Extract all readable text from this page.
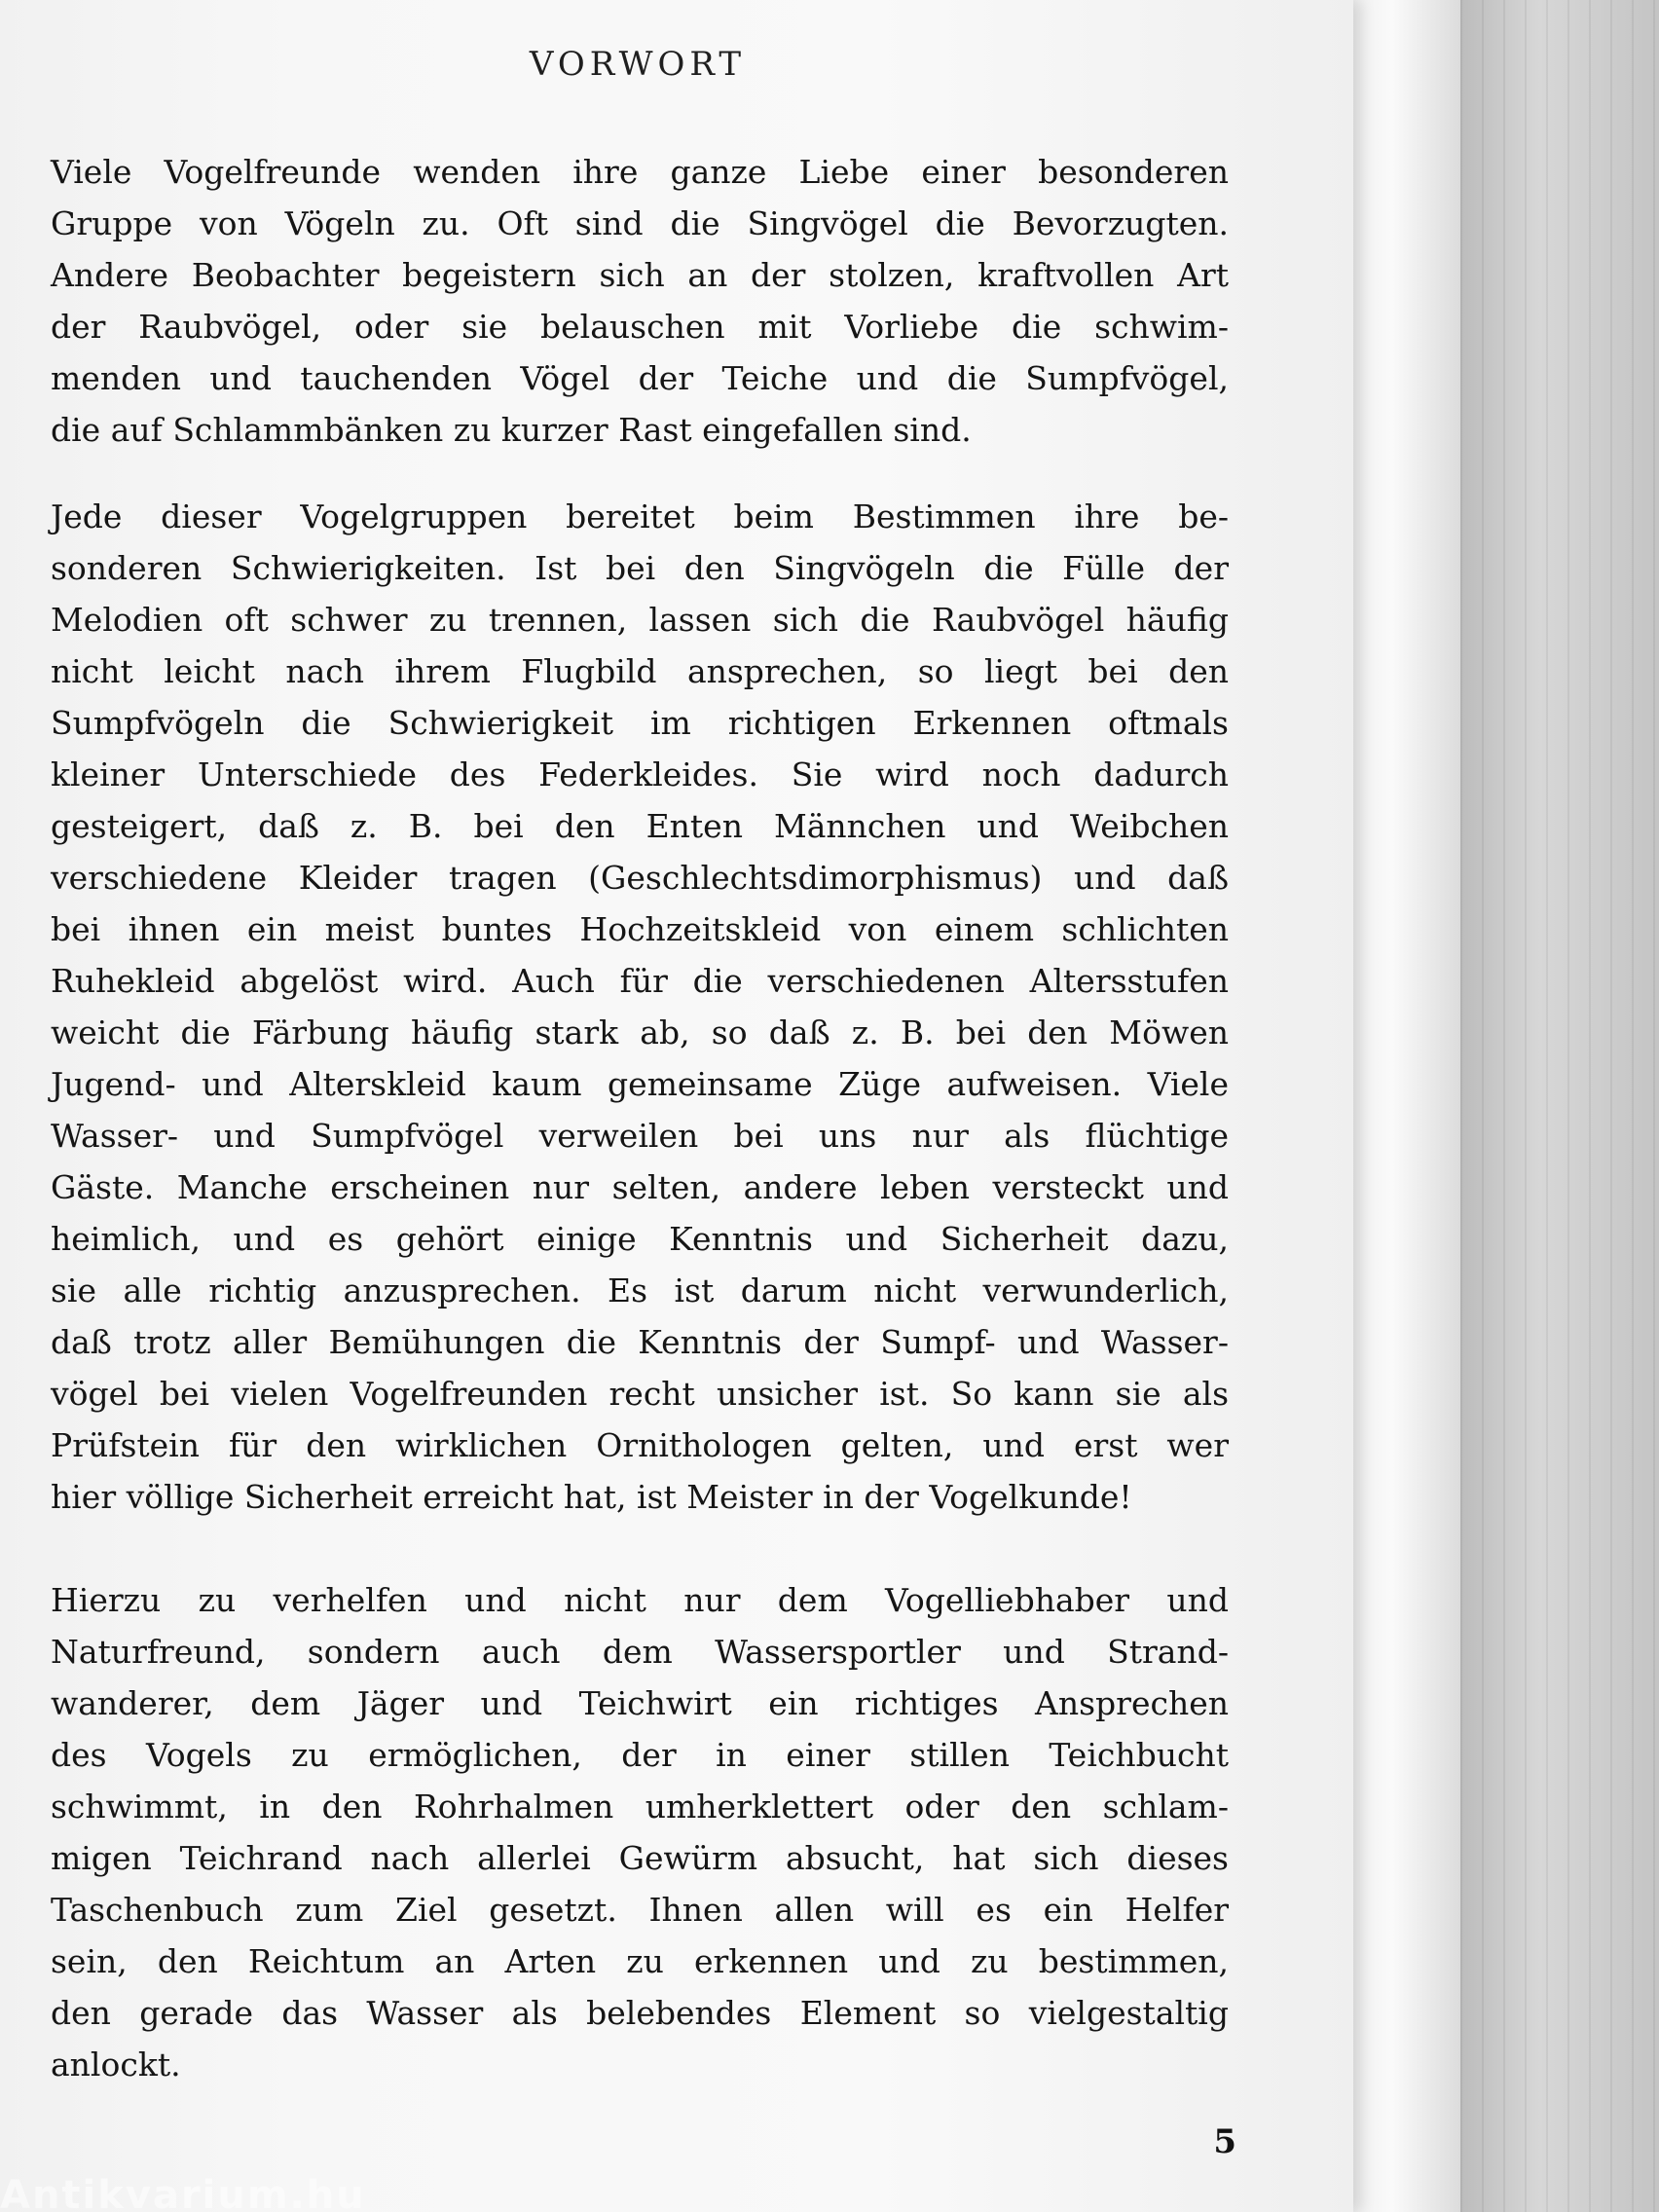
VORWORT
Viele Vogelfreunde wenden ihre ganze Liebe einer besonderen
Gruppe von Vögeln zu. Oft sind die Singvögel die Bevorzugten.
Andere Beobachter begeistern sich an der stolzen, kraftvollen Art
der Raubvögel, oder sie belauschen mit Vorliebe die schwim-
menden und tauchenden Vögel der Teiche und die Sumpfvögel,
die auf Schlammbänken zu kurzer Rast eingefallen sind.
Jede dieser Vogelgruppen bereitet beim Bestimmen ihre be-
sonderen Schwierigkeiten. Ist bei den Singvögeln die Fülle der
Melodien oft schwer zu trennen, lassen sich die Raubvögel häufig
nicht leicht nach ihrem Flugbild ansprechen, so liegt bei den
Sumpfvögeln die Schwierigkeit im richtigen Erkennen oftmals
kleiner Unterschiede des Federkleides. Sie wird noch dadurch
gesteigert, daß z. B. bei den Enten Männchen und Weibchen
verschiedene Kleider tragen (Geschlechtsdimorphismus) und daß
bei ihnen ein meist buntes Hochzeitskleid von einem schlichten
Ruhekleid abgelöst wird. Auch für die verschiedenen Altersstufen
weicht die Färbung häufig stark ab, so daß z. B. bei den Möwen
Jugend- und Alterskleid kaum gemeinsame Züge aufweisen. Viele
Wasser- und Sumpfvögel verweilen bei uns nur als flüchtige
Gäste. Manche erscheinen nur selten, andere leben versteckt und
heimlich, und es gehört einige Kenntnis und Sicherheit dazu,
sie alle richtig anzusprechen. Es ist darum nicht verwunderlich,
daß trotz aller Bemühungen die Kenntnis der Sumpf- und Wasser-
vögel bei vielen Vogelfreunden recht unsicher ist. So kann sie als
Prüfstein für den wirklichen Ornithologen gelten, und erst wer
hier völlige Sicherheit erreicht hat, ist Meister in der Vogelkunde!
Hierzu zu verhelfen und nicht nur dem Vogelliebhaber und
Naturfreund, sondern auch dem Wassersportler und Strand-
wanderer, dem Jäger und Teichwirt ein richtiges Ansprechen
des Vogels zu ermöglichen, der in einer stillen Teichbucht
schwimmt, in den Rohrhalmen umherklettert oder den schlam-
migen Teichrand nach allerlei Gewürm absucht, hat sich dieses
Taschenbuch zum Ziel gesetzt. Ihnen allen will es ein Helfer
sein, den Reichtum an Arten zu erkennen und zu bestimmen,
den gerade das Wasser als belebendes Element so vielgestaltig
anlockt.
5
Antikvarium.hu
